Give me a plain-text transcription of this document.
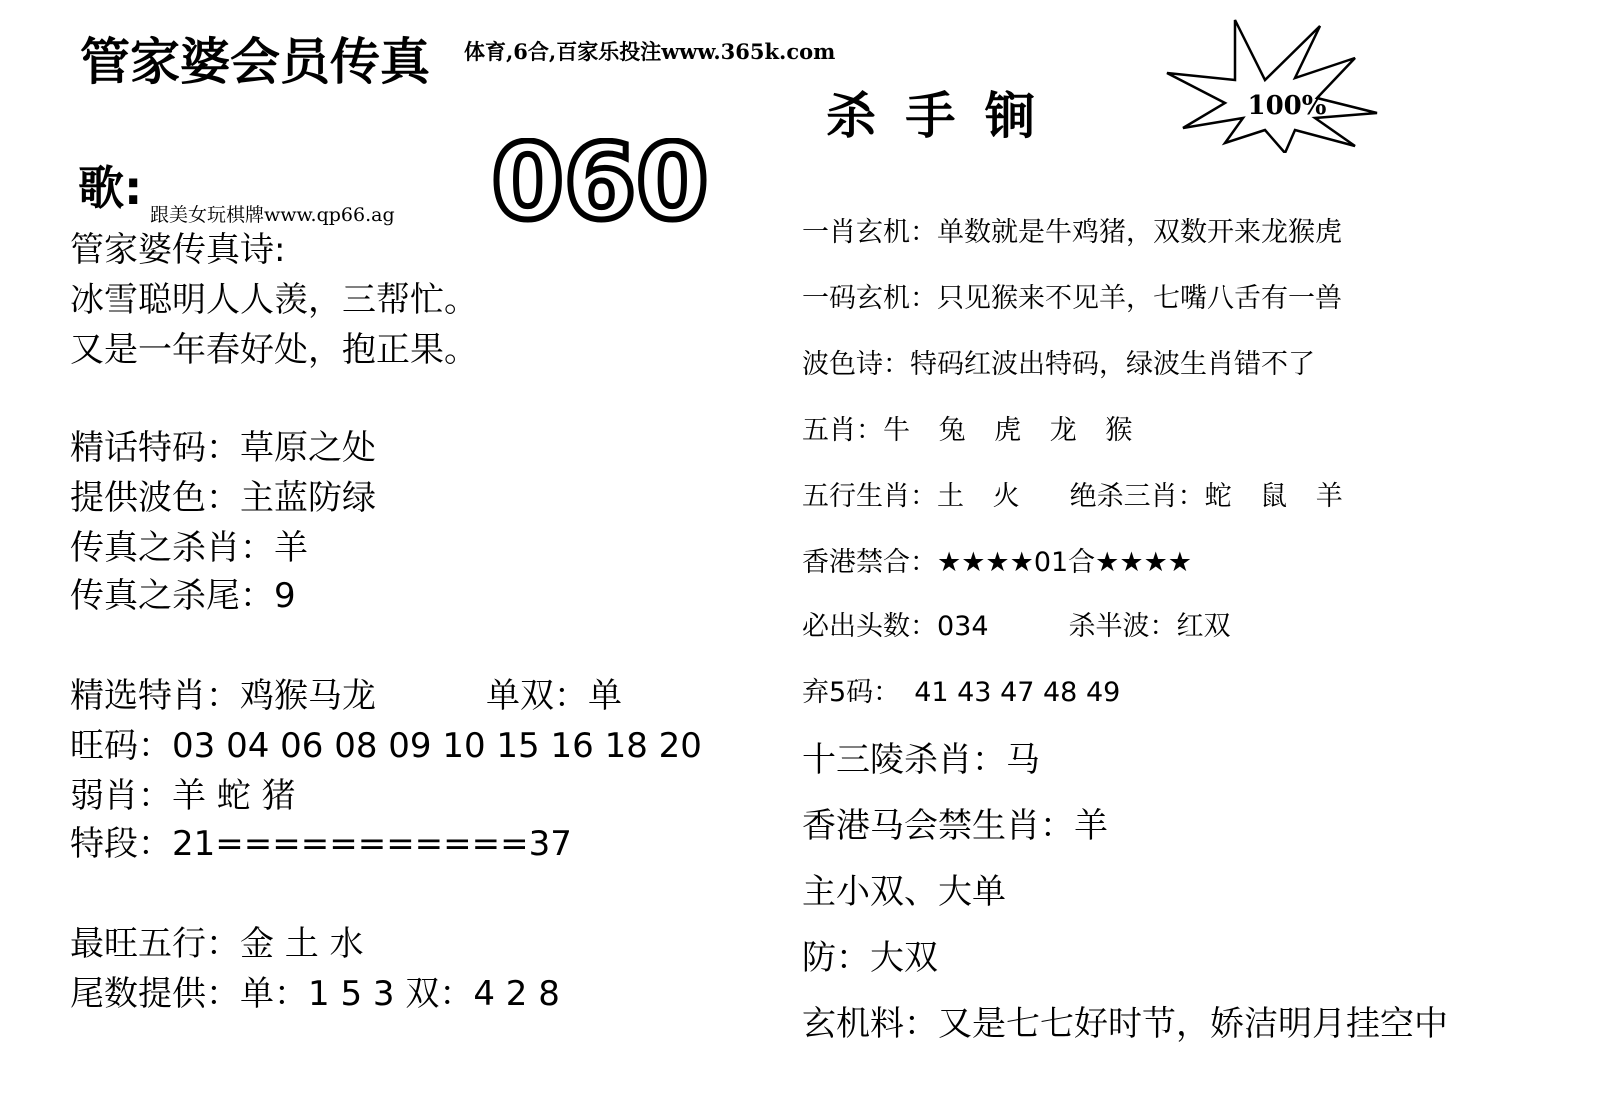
管家婆会员传真 体育,6合,百家乐投注www.365k.com
歌: 跟美女玩棋牌www.qp66.ag 060
杀 手 锏	100%
管家婆传真诗:
冰雪聪明人人羡，三帮忙。
又是一年春好处，抱正果。
精话特码：草原之处
提供波色：主蓝防绿
传真之杀肖：羊
传真之杀尾：9
精选特肖：鸡猴马龙	单双：单
旺码：03 04 06 08 09 10 15 16 18 20
弱肖：羊 蛇 猪
特段：21===========37
最旺五行：金 土 水
尾数提供：单：1 5 3 双：4 2 8
一肖玄机：单数就是牛鸡猪，双数开来龙猴虎
一码玄机：只见猴来不见羊，七嘴八舌有一兽
波色诗：特码红波出特码，绿波生肖错不了
五肖：牛 兔 虎 龙 猴
五行生肖：土 火 绝杀三肖：蛇 鼠 羊
香港禁合：★★★★01合★★★★
必出头数：034	杀半波：红双
弃5码： 41 43 47 48 49
十三陵杀肖：马
香港马会禁生肖：羊
主小双、大单
防：大双
玄机料：又是七七好时节，娇洁明月挂空中
